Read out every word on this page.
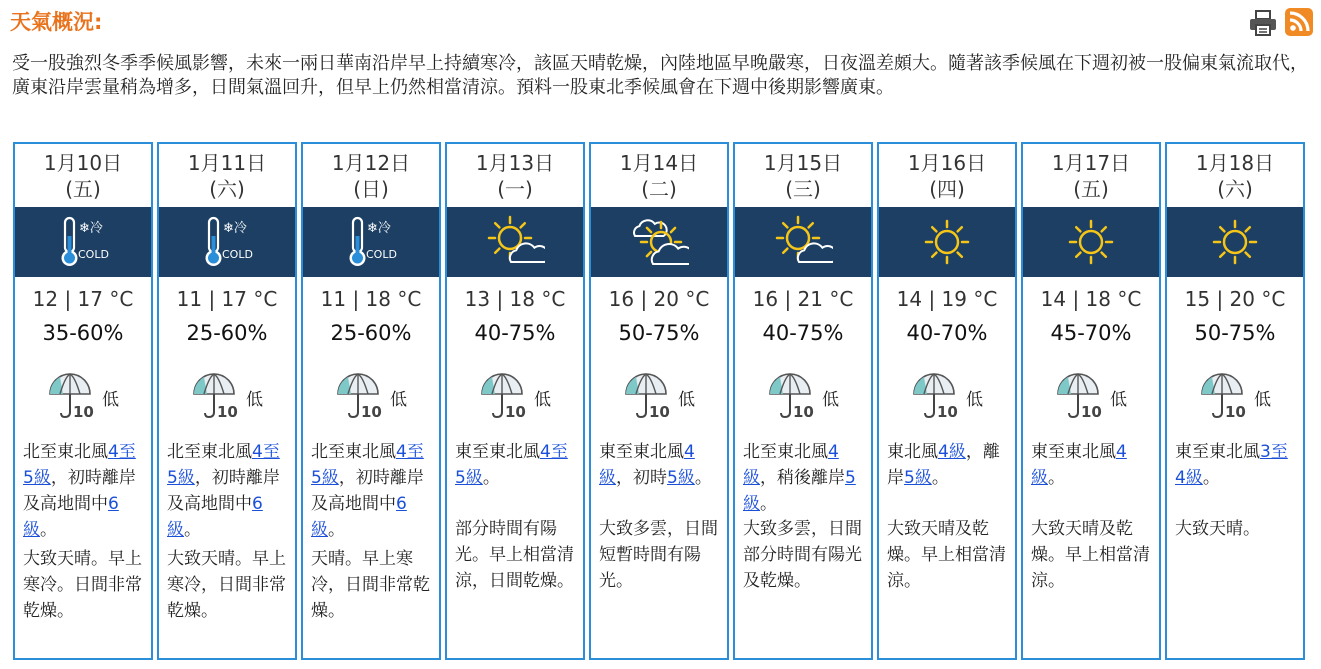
天氣概況:
受一股強烈冬季季候風影響，未來一兩日華南沿岸早上持續寒冷，該區天晴乾燥，內陸地區早晚嚴寒，日夜溫差頗大。隨著該季候風在下週初被一股偏東氣流取代，廣東沿岸雲量稍為增多，日間氣溫回升，但早上仍然相當清涼。預料一股東北季候風會在下週中後期影響廣東。
1月10日
(五)
❄冷
COLD
12 | 17 °C
35-60%
10
低
北至東北風4至5級，初時離岸及高地間中6級。
大致天晴。早上寒冷。日間非常乾燥。
1月11日
(六)
❄冷
COLD
11 | 17 °C
25-60%
10
低
北至東北風4至5級，初時離岸及高地間中6級。
大致天晴。早上寒冷，日間非常乾燥。
1月12日
(日)
❄冷
COLD
11 | 18 °C
25-60%
10
低
北至東北風4至5級，初時離岸及高地間中6級。
天晴。早上寒冷，日間非常乾燥。
1月13日
(一)
13 | 18 °C
40-75%
10
低
東至東北風4至5級。
部分時間有陽光。早上相當清涼，日間乾燥。
1月14日
(二)
16 | 20 °C
50-75%
10
低
東至東北風4級，初時5級。
大致多雲，日間短暫時間有陽光。
1月15日
(三)
16 | 21 °C
40-75%
10
低
北至東北風4級，稍後離岸5級。
大致多雲，日間部分時間有陽光及乾燥。
1月16日
(四)
14 | 19 °C
40-70%
10
低
東北風4級，離岸5級。
大致天晴及乾燥。早上相當清涼。
1月17日
(五)
14 | 18 °C
45-70%
10
低
東至東北風4級。
大致天晴及乾燥。早上相當清涼。
1月18日
(六)
15 | 20 °C
50-75%
10
低
東至東北風3至4級。
大致天晴。
